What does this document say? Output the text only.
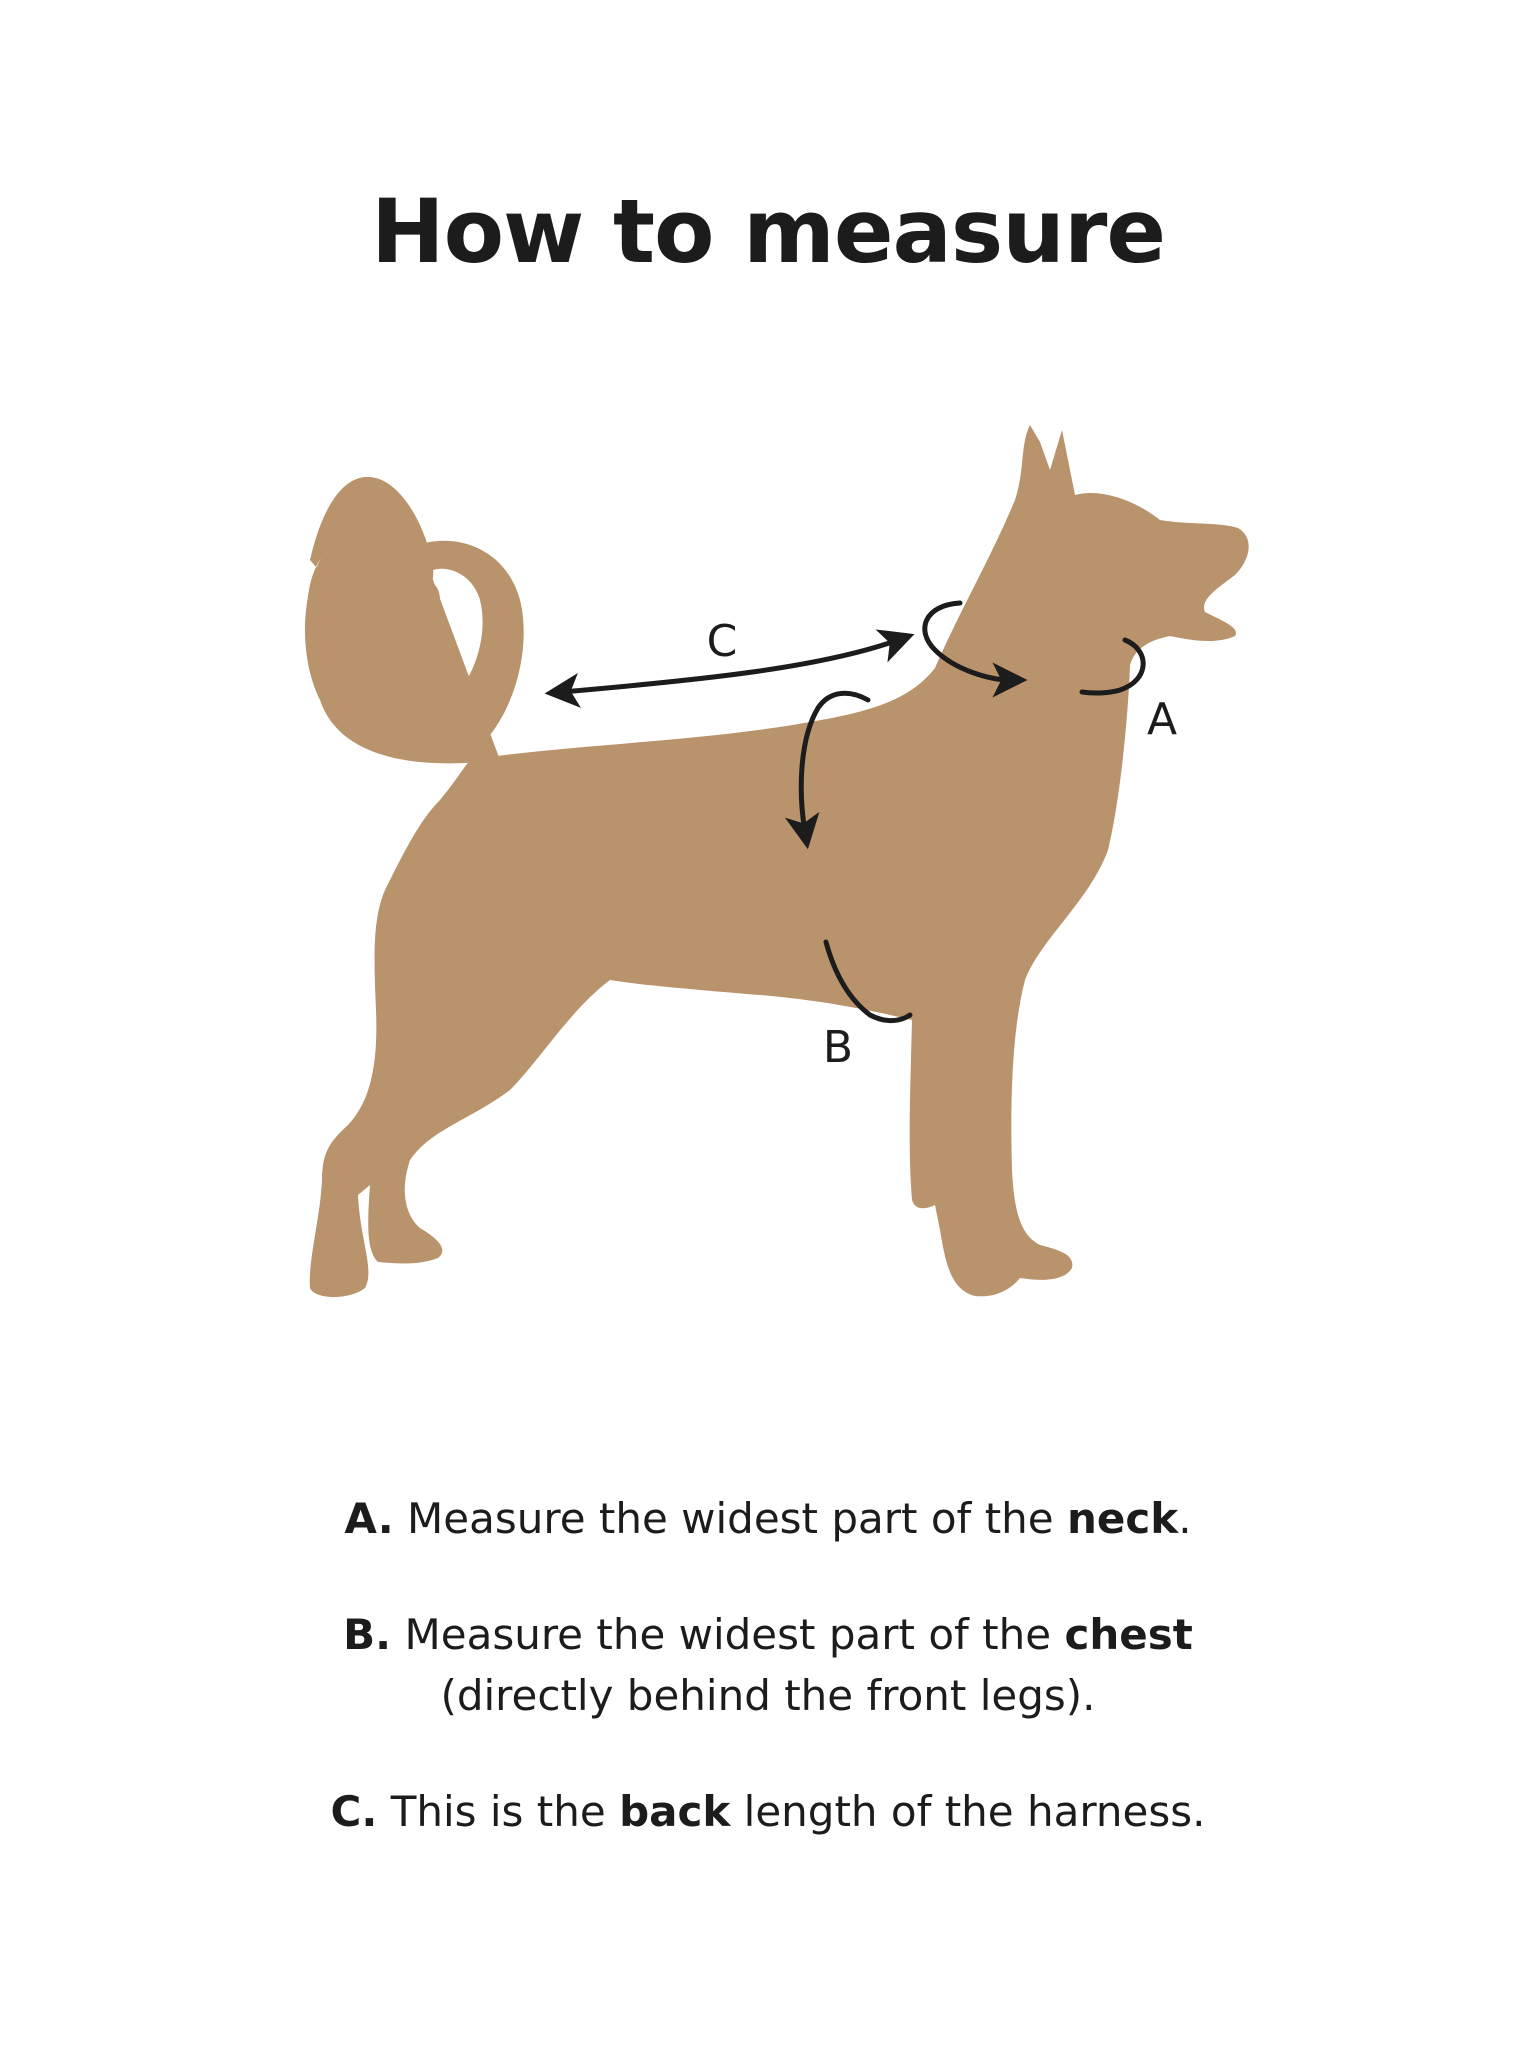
How to measure
A
B
C

A. Measure the widest part of the neck.

B. Measure the widest part of the chest
(directly behind the front legs).

C. This is the back length of the harness.
